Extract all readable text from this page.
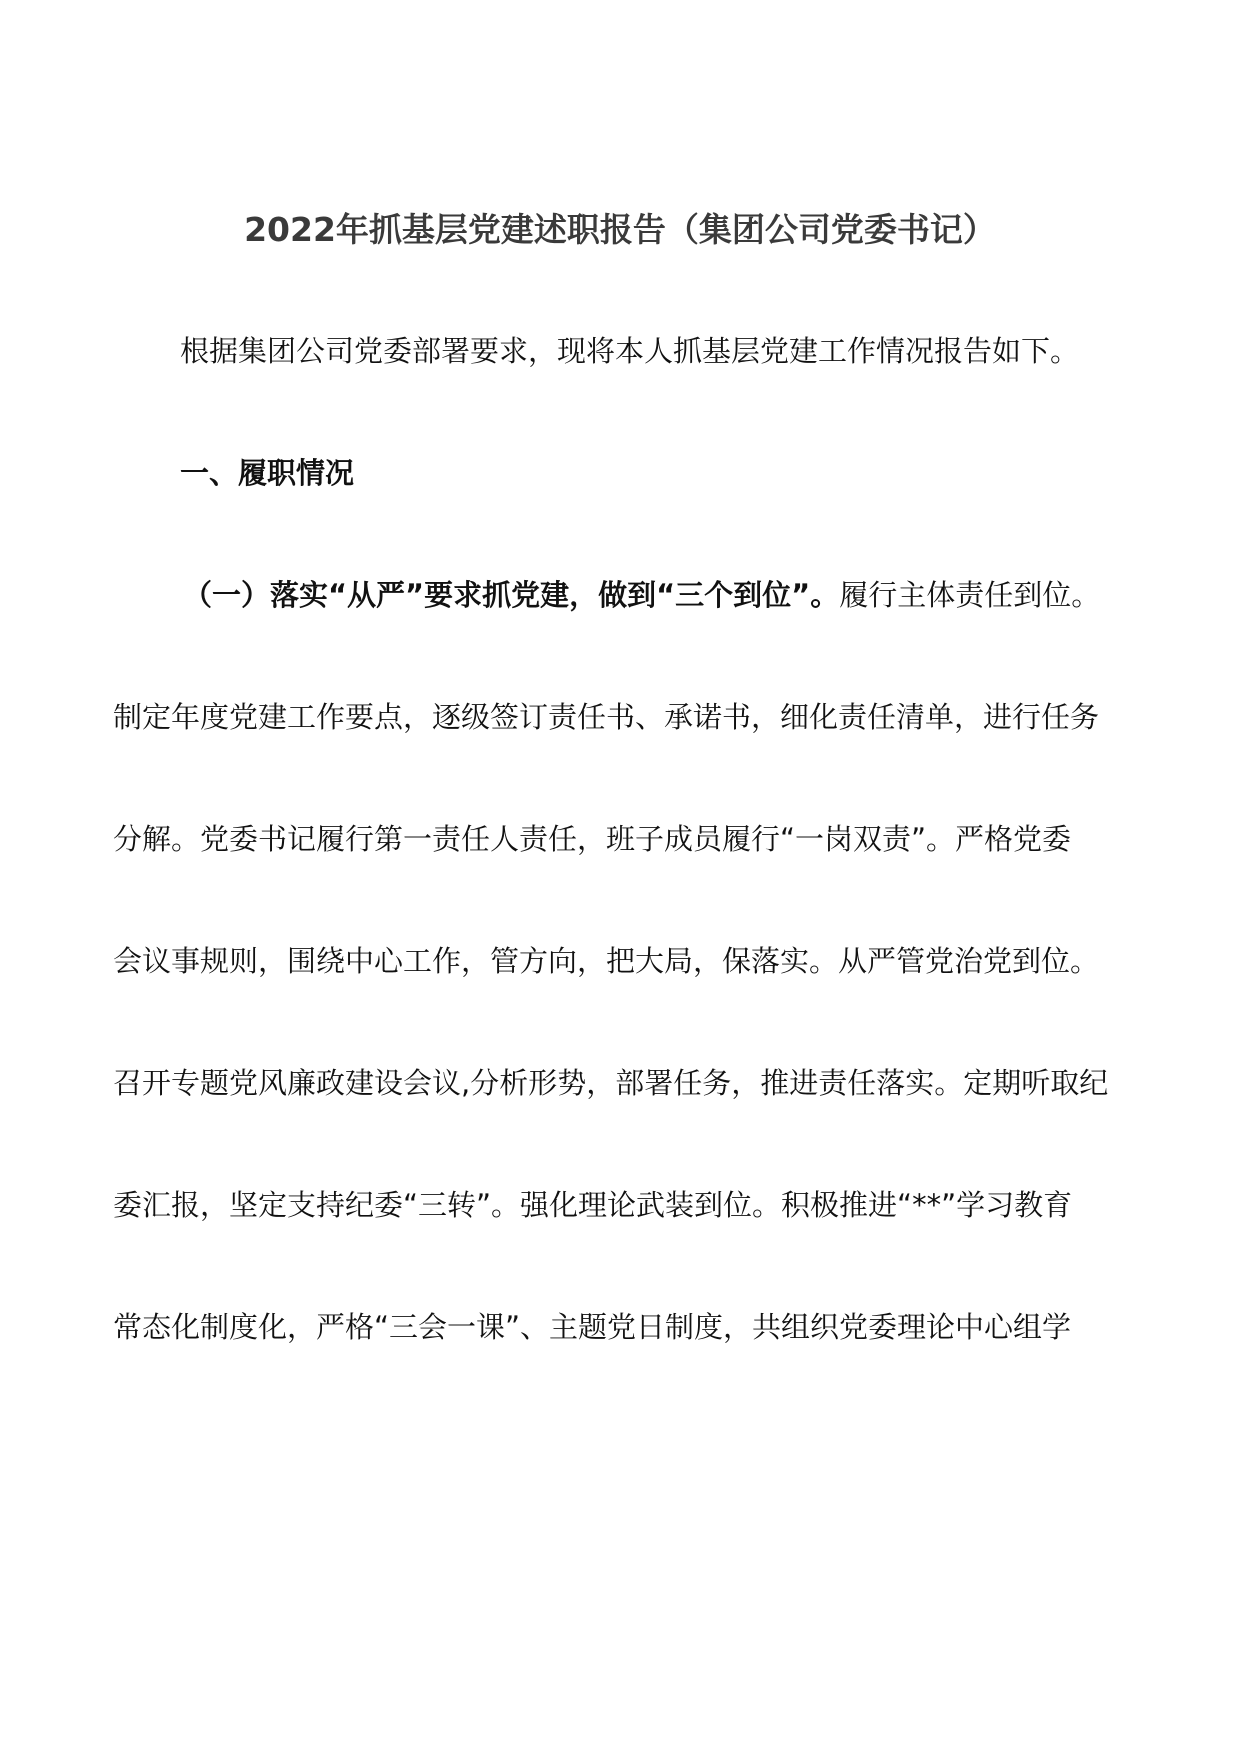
2022年抓基层党建述职报告（集团公司党委书记）
根据集团公司党委部署要求，现将本人抓基层党建工作情况报告如下。
一、履职情况
（一）落实“从严”要求抓党建，做到“三个到位”。履行主体责任到位。
制定年度党建工作要点，逐级签订责任书、承诺书，细化责任清单，进行任务
分解。党委书记履行第一责任人责任，班子成员履行“一岗双责”。严格党委
会议事规则，围绕中心工作，管方向，把大局，保落实。从严管党治党到位。
召开专题党风廉政建设会议,分析形势，部署任务，推进责任落实。定期听取纪
委汇报，坚定支持纪委“三转”。强化理论武装到位。积极推进“**”学习教育
常态化制度化，严格“三会一课”、主题党日制度，共组织党委理论中心组学
